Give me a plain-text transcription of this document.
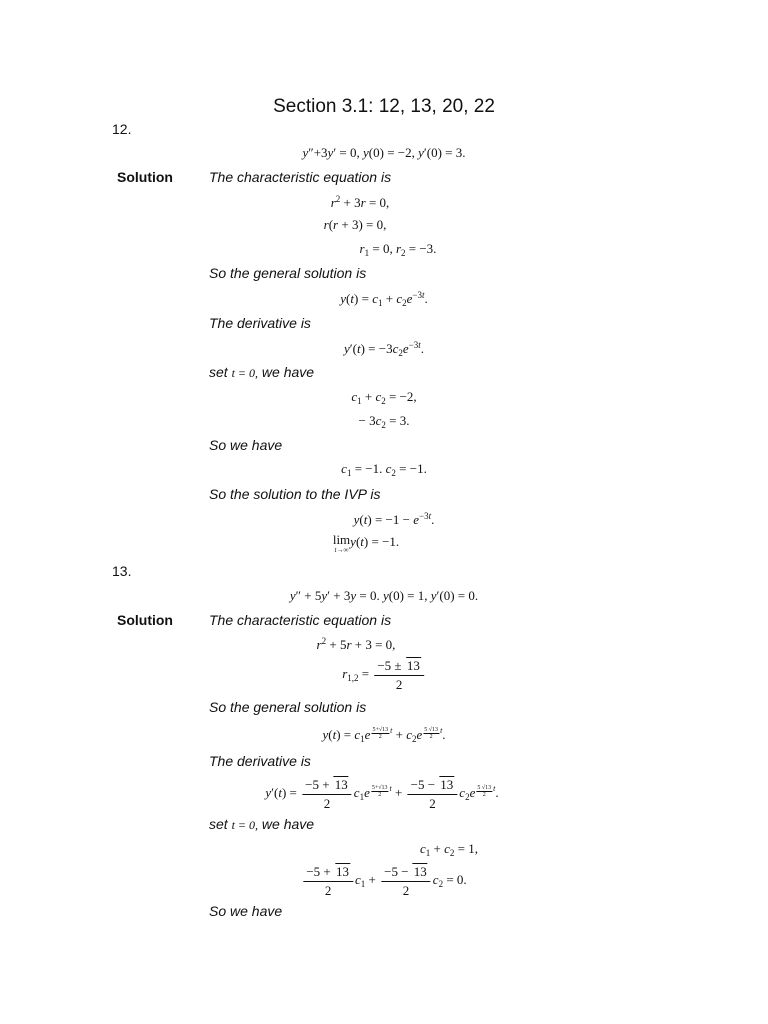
Section 3.1: 12, 13, 20, 22
12.
y″+3y′ = 0, y(0) = −2, y′(0) = 3.
Solution	The characteristic equation is
$r^2 + 3r = 0$,
r(r + 3) = 0,
$r_1 = 0$, $r_2 = -3$.
So the general solution is
$y(t) = c_1 + c_2e^{-3t}$.
The derivative is
$y'(t) = -3c_2e^{-3t}$.
set t = 0, we have
$c_1 + c_2 = -2$,
− $3c_2 = 3$.
So we have
$c_1 = -1$. $c_2 = -1$.
So the solution to the IVP is
$y(t) = -1 - e^{-3t}$.
lim
t→∞
y(t) = −1.
13.
y″ + 5y′ + 3y = 0. y(0) = 1, y′(0) = 0.
Solution	The characteristic equation is
$r^2 + 5r + 3 = 0$,
$r_{1,2} = \frac{-5 \pm 13}{2}$
So the general solution is
$y(t) = c_1e \frac{5+√13}{2} ^t + c_2e \frac{5 √13}{2} ^t$.
The derivative is
$y'(t) = \frac{-5 + 13}{2} c_1e \frac{5+√13}{2} ^t + \frac{-5 - 13}{2} c_2e \frac{5 √13}{2} ^t$.
set t = 0, we have
$c_1 + c_2 = 1$,
$\frac{-5 + 13}{2} c_1 + \frac{-5 - 13}{2} c_2 = 0$.
So we have
